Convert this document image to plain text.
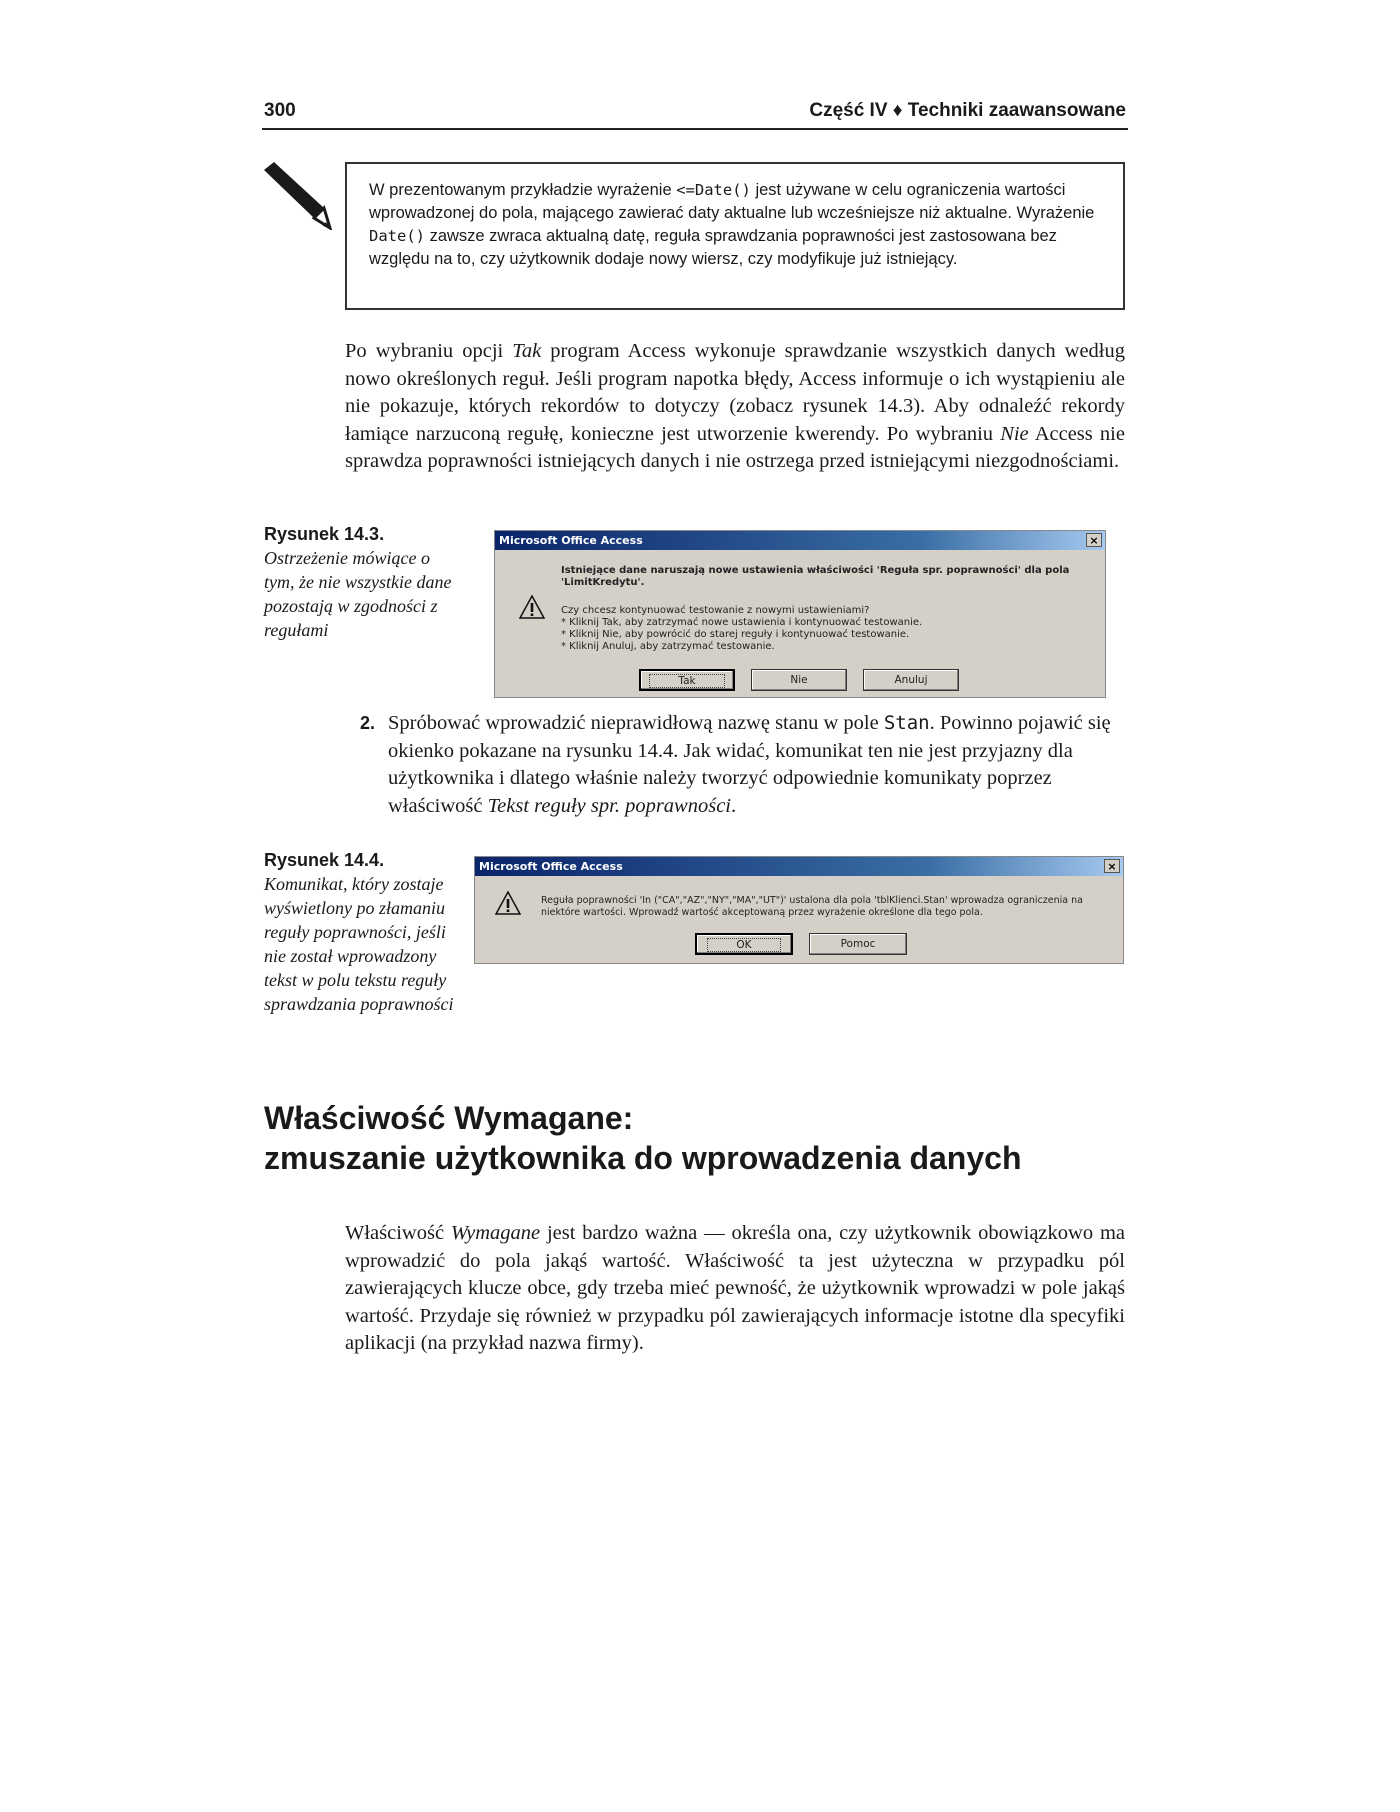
300	Część IV ♦ Techniki zaawansowane
W prezentowanym przykładzie wyrażenie <=Date() jest używane w celu ograniczenia wartości wprowadzonej do pola, mającego zawierać daty aktualne lub wcześniejsze niż aktualne. Wyrażenie Date() zawsze zwraca aktualną datę, reguła sprawdzania poprawności jest zastosowana bez względu na to, czy użytkownik dodaje nowy wiersz, czy modyfikuje już istniejący.
Po wybraniu opcji Tak program Access wykonuje sprawdzanie wszystkich danych według nowo określonych reguł. Jeśli program napotka błędy, Access informuje o ich wystąpieniu ale nie pokazuje, których rekordów to dotyczy (zobacz rysunek 14.3). Aby odnaleźć rekordy łamiące narzuconą regułę, konieczne jest utworzenie kwerendy. Po wybraniu Nie Access nie sprawdza poprawności istniejących danych i nie ostrzega przed istniejącymi niezgodnościami.
Rysunek 14.3.
Ostrzeżenie mówiące o tym, że nie wszystkie dane pozostają w zgodności z regułami
Microsoft Office Access	×
Istniejące dane naruszają nowe ustawienia właściwości 'Reguła spr. poprawności' dla pola 'LimitKredytu'.
Czy chcesz kontynuować testowanie z nowymi ustawieniami?
* Kliknij Tak, aby zatrzymać nowe ustawienia i kontynuować testowanie.
* Kliknij Nie, aby powrócić do starej reguły i kontynuować testowanie.
* Kliknij Anuluj, aby zatrzymać testowanie.
Tak	Nie	Anuluj
2. Spróbować wprowadzić nieprawidłową nazwę stanu w pole Stan. Powinno pojawić się okienko pokazane na rysunku 14.4. Jak widać, komunikat ten nie jest przyjazny dla użytkownika i dlatego właśnie należy tworzyć odpowiednie komunikaty poprzez właściwość Tekst reguły spr. poprawności.
Rysunek 14.4.
Komunikat, który zostaje wyświetlony po złamaniu reguły poprawności, jeśli nie został wprowadzony tekst w polu tekstu reguły sprawdzania poprawności
Microsoft Office Access	×
Reguła poprawności 'In ("CA","AZ","NY","MA","UT")' ustalona dla pola 'tblKlienci.Stan' wprowadza ograniczenia na
niektóre wartości. Wprowadź wartość akceptowaną przez wyrażenie określone dla tego pola.
OK	Pomoc
Właściwość Wymagane:
zmuszanie użytkownika do wprowadzenia danych
Właściwość Wymagane jest bardzo ważna — określa ona, czy użytkownik obowiązkowo ma wprowadzić do pola jakąś wartość. Właściwość ta jest użyteczna w przypadku pól zawierających klucze obce, gdy trzeba mieć pewność, że użytkownik wprowadzi w pole jakąś wartość. Przydaje się również w przypadku pól zawierających informacje istotne dla specyfiki aplikacji (na przykład nazwa firmy).
